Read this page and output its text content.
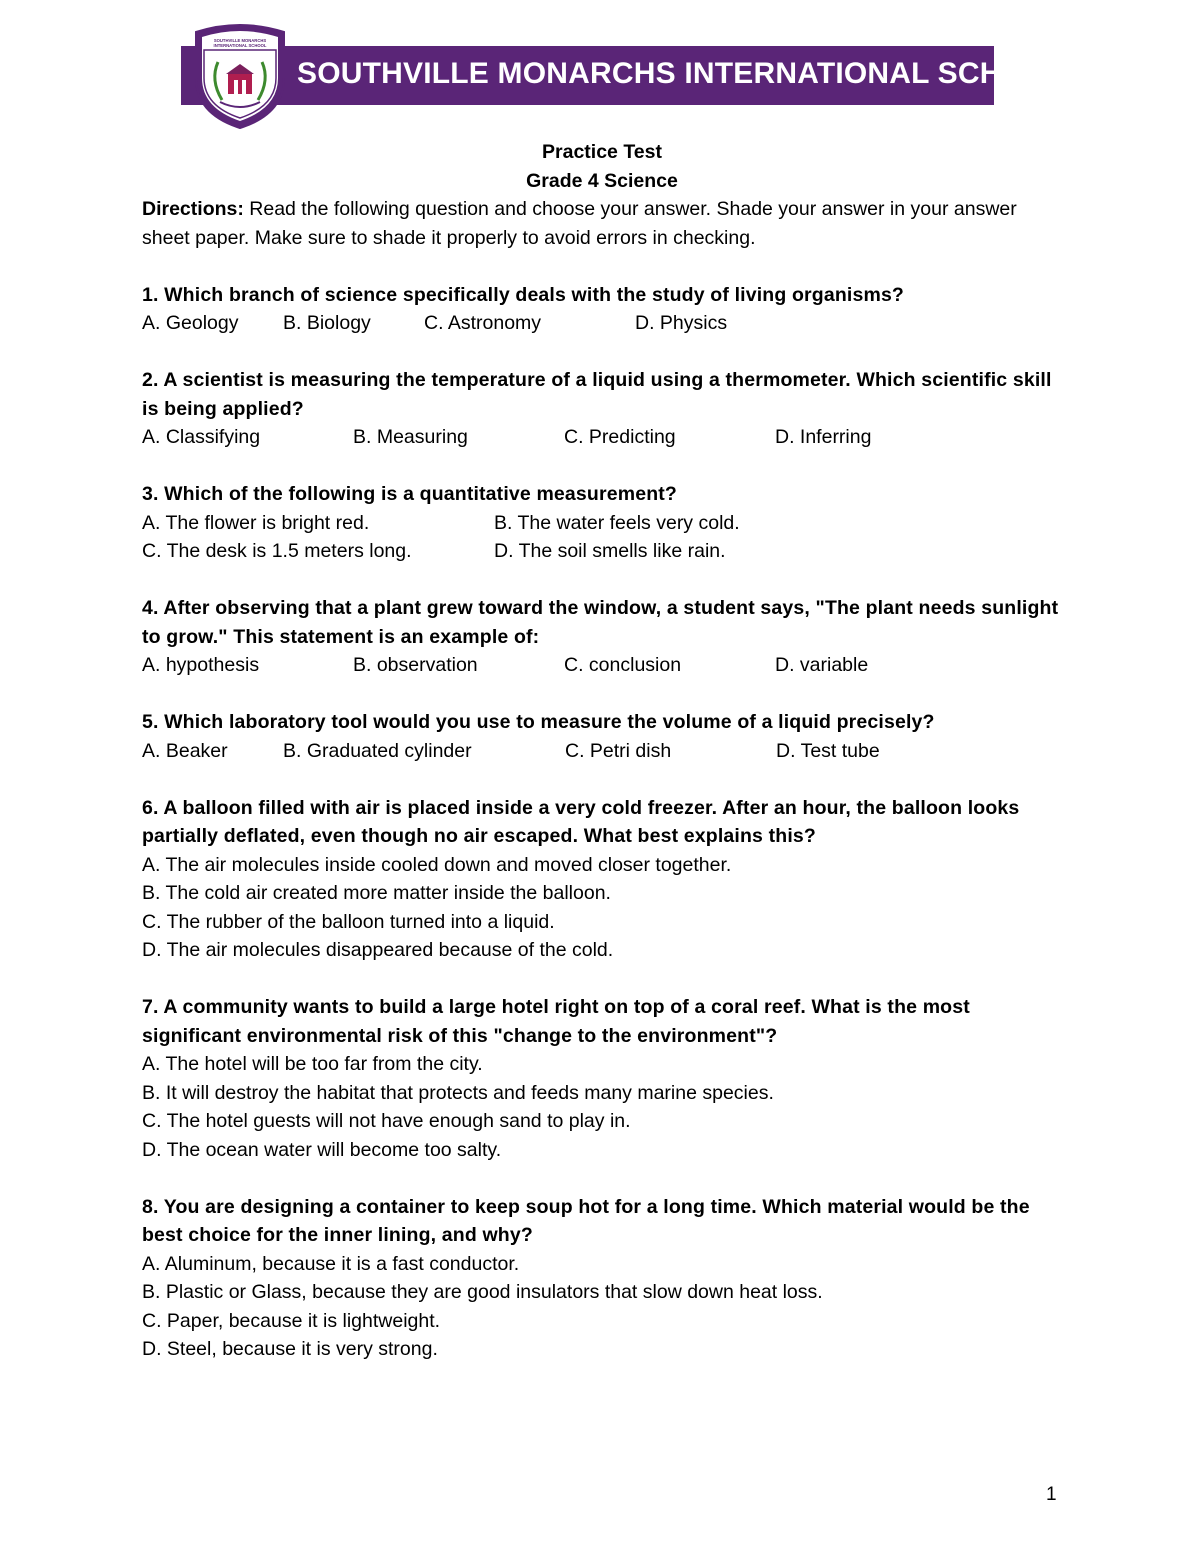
SOUTHVILLE MONARCHS INTERNATIONAL SCHOOL
SOUTHVILLE MONARCHS
INTERNATIONAL SCHOOL
Practice Test
Grade 4 Science
Directions: Read the following question and choose your answer. Shade your answer in your answer sheet paper. Make sure to shade it properly to avoid errors in checking.
1. Which branch of science specifically deals with the study of living organisms?
A. Geology	B. Biology	C. Astronomy	D. Physics
2. A scientist is measuring the temperature of a liquid using a thermometer. Which scientific skill is being applied?
A. Classifying	B. Measuring	C. Predicting	D. Inferring
3. Which of the following is a quantitative measurement?
A. The flower is bright red.	B. The water feels very cold.
C. The desk is 1.5 meters long.	D. The soil smells like rain.
4. After observing that a plant grew toward the window, a student says, "The plant needs sunlight to grow." This statement is an example of:
A. hypothesis	B. observation	C. conclusion	D. variable
5. Which laboratory tool would you use to measure the volume of a liquid precisely?
A. Beaker	B. Graduated cylinder	C. Petri dish	D. Test tube
6. A balloon filled with air is placed inside a very cold freezer. After an hour, the balloon looks partially deflated, even though no air escaped. What best explains this?
A. The air molecules inside cooled down and moved closer together.
B. The cold air created more matter inside the balloon.
C. The rubber of the balloon turned into a liquid.
D. The air molecules disappeared because of the cold.
7. A community wants to build a large hotel right on top of a coral reef. What is the most significant environmental risk of this "change to the environment"?
A. The hotel will be too far from the city.
B. It will destroy the habitat that protects and feeds many marine species.
C. The hotel guests will not have enough sand to play in.
D. The ocean water will become too salty.
8. You are designing a container to keep soup hot for a long time. Which material would be the best choice for the inner lining, and why?
A. Aluminum, because it is a fast conductor.
B. Plastic or Glass, because they are good insulators that slow down heat loss.
C. Paper, because it is lightweight.
D. Steel, because it is very strong.
1
